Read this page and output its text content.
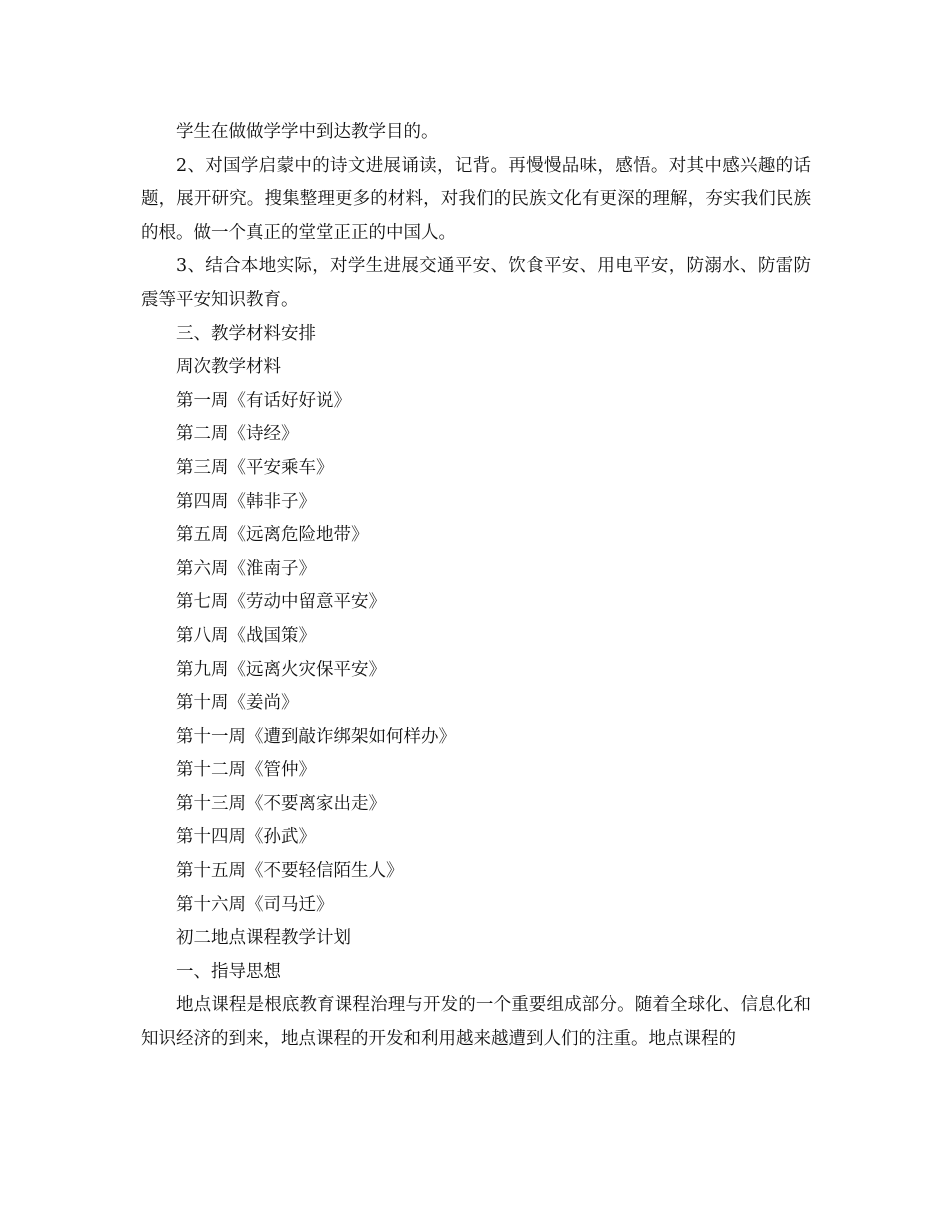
学生在做做学学中到达教学目的。

2、对国学启蒙中的诗文进展诵读，记背。再慢慢品味，感悟。对其中感兴趣的话题，展开研究。搜集整理更多的材料，对我们的民族文化有更深的理解，夯实我们民族的根。做一个真正的堂堂正正的中国人。

3、结合本地实际，对学生进展交通平安、饮食平安、用电平安，防溺水、防雷防震等平安知识教育。

三、教学材料安排
周次教学材料
第一周《有话好好说》
第二周《诗经》
第三周《平安乘车》
第四周《韩非子》
第五周《远离危险地带》
第六周《淮南子》
第七周《劳动中留意平安》
第八周《战国策》
第九周《远离火灾保平安》
第十周《姜尚》
第十一周《遭到敲诈绑架如何样办》
第十二周《管仲》
第十三周《不要离家出走》
第十四周《孙武》
第十五周《不要轻信陌生人》
第十六周《司马迁》
初二地点课程教学计划
一、指导思想

地点课程是根底教育课程治理与开发的一个重要组成部分。随着全球化、信息化和知识经济的到来，地点课程的开发和利用越来越遭到人们的注重。地点课程的
